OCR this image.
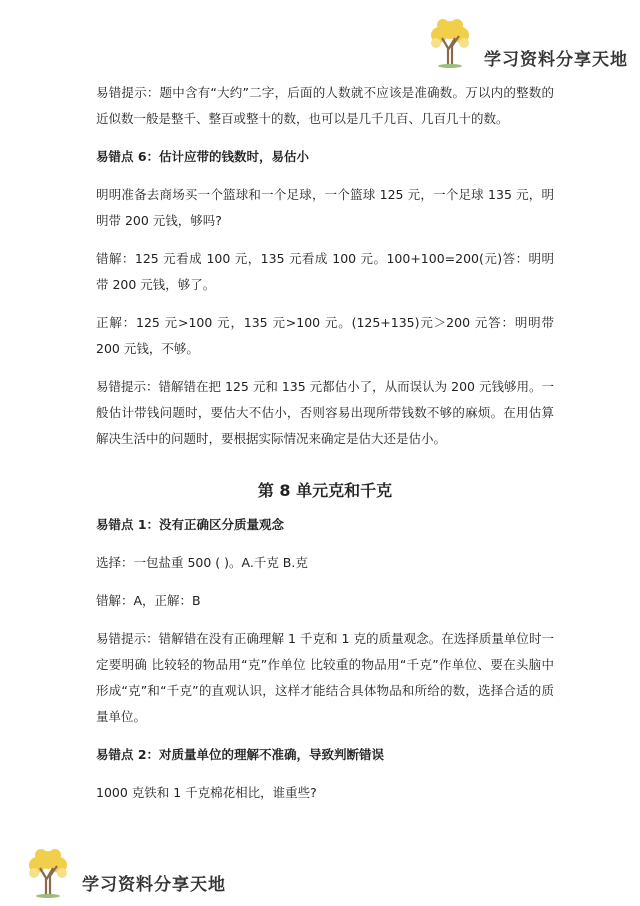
学习资料分享天地

易错提示：题中含有“大约”二字，后面的人数就不应该是准确数。万以内的整数的近似数一般是整千、整百或整十的数，也可以是几千几百、几百几十的数。

易错点 6：估计应带的钱数时，易估小

明明准备去商场买一个篮球和一个足球，一个篮球 125 元，一个足球 135 元，明明带 200 元钱，够吗?

错解：125 元看成 100 元，135 元看成 100 元。100+100=200(元)答：明明带 200 元钱，够了。

正解：125 元>100 元，135 元>100 元。(125+135)元＞200 元答：明明带 200 元钱，不够。

易错提示：错解错在把 125 元和 135 元都估小了，从而误认为 200 元钱够用。一般估计带钱问题时，要估大不估小，否则容易出现所带钱数不够的麻烦。在用估算解决生活中的问题时，要根据实际情况来确定是估大还是估小。

第 8 单元克和千克

易错点 1：没有正确区分质量观念

选择：一包盐重 500 ( )。A.千克 B.克

错解：A，正解：B

易错提示：错解错在没有正确理解 1 千克和 1 克的质量观念。在选择质量单位时一定要明确 比较轻的物品用“克”作单位 比较重的物品用“千克”作单位、要在头脑中形成“克”和“千克”的直观认识，这样才能结合具体物品和所给的数，选择合适的质量单位。

易错点 2：对质量单位的理解不准确，导致判断错误

1000 克铁和 1 千克棉花相比，谁重些?

学习资料分享天地
